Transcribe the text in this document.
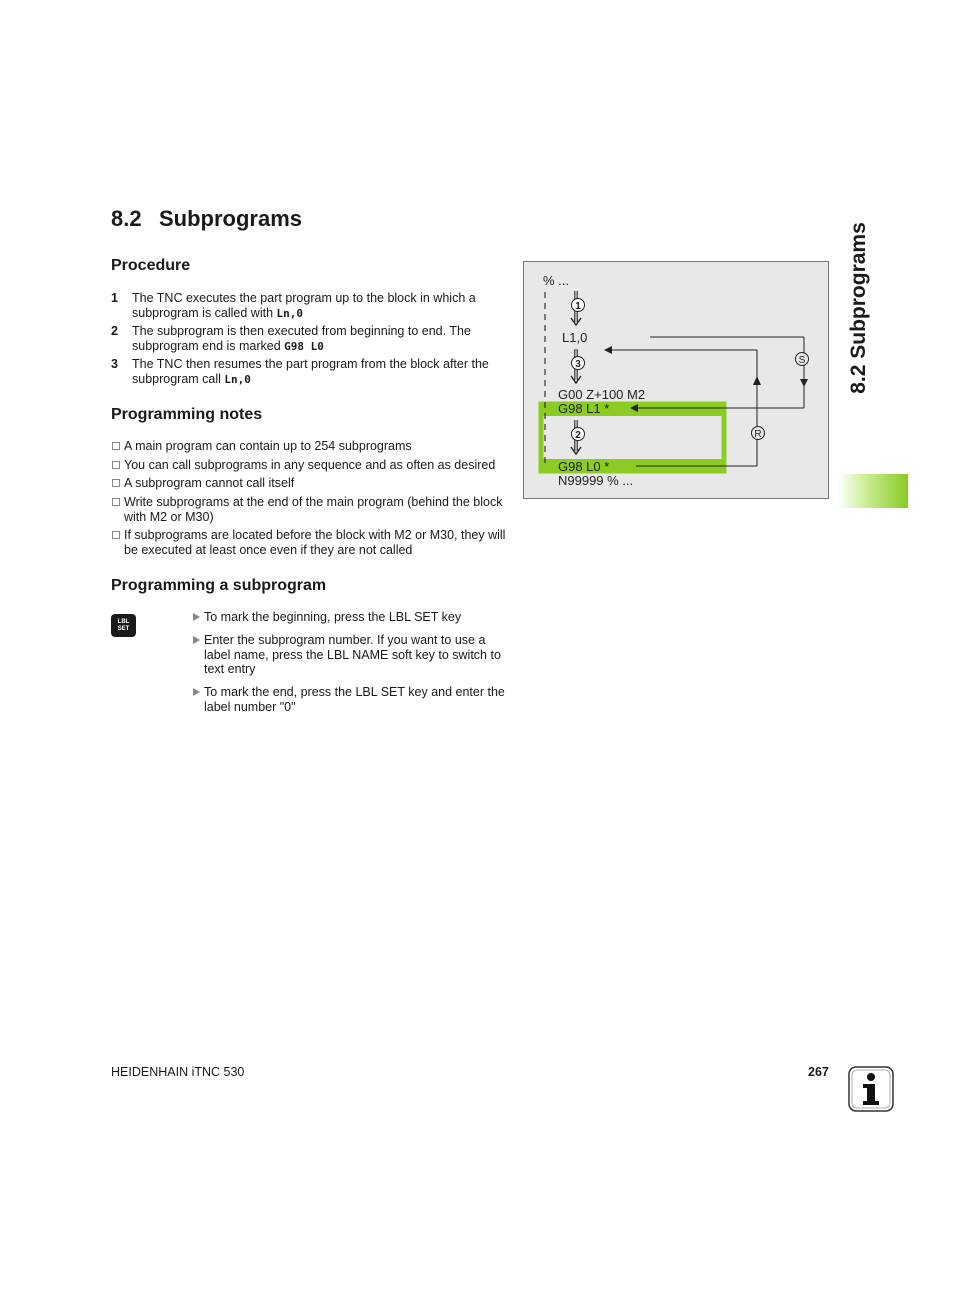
8.2 Subprograms
Procedure
1 The TNC executes the part program up to the block in which a subprogram is called with Ln,0
2 The subprogram is then executed from beginning to end. The subprogram end is marked G98 L0
3 The TNC then resumes the part program from the block after the subprogram call Ln,0
Programming notes
A main program can contain up to 254 subprograms
You can call subprograms in any sequence and as often as desired
A subprogram cannot call itself
Write subprograms at the end of the main program (behind the block with M2 or M30)
If subprograms are located before the block with M2 or M30, they will be executed at least once even if they are not called
Programming a subprogram
LBL
SET
To mark the beginning, press the LBL SET key
Enter the subprogram number. If you want to use a label name, press the LBL NAME soft key to switch to text entry
To mark the end, press the LBL SET key and enter the label number "0"
% ...
L1,0
G00 Z+100 M2
G98 L1 *
G98 L0 *
N99999 % ...
1
3
2
S
R
8.2 Subprograms
HEIDENHAIN iTNC 530	267
